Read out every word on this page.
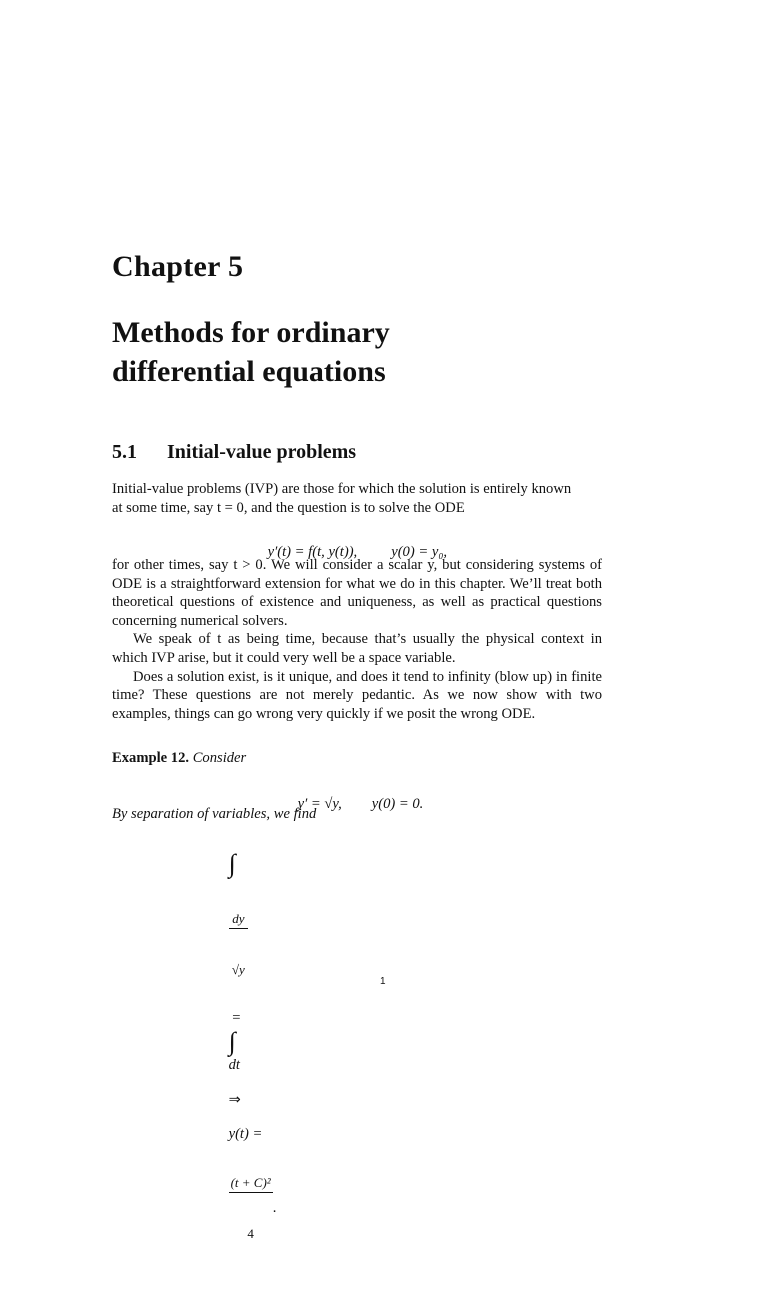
Chapter 5
Methods for ordinary
differential equations
5.1 Initial-value problems

Initial-value problems (IVP) are those for which the solution is entirely known

at some time, say t = 0, and the question is to solve the ODE

y′(t) = f(t, y(t)), y(0) = y₀,

for other times, say t > 0. We will consider a scalar y, but considering systems of ODE is a straightforward extension for what we do in this chapter. We’ll treat both theoretical questions of existence and uniqueness, as well as practical questions concerning numerical solvers.

We speak of t as being time, because that’s usually the physical context in which IVP arise, but it could very well be a space variable.

Does a solution exist, is it unique, and does it tend to infinity (blow up) in finite time? These questions are not merely pedantic. As we now show with two examples, things can go wrong very quickly if we posit the wrong ODE.

Example 12. Consider

y′ = √y, y(0) = 0.

By separation of variables, we find

∫

$\frac{dy}{√y}$

=
∫
dt

⇒

y(t) =

$\frac{\text{(t + C)²}}{4}$ .

1
